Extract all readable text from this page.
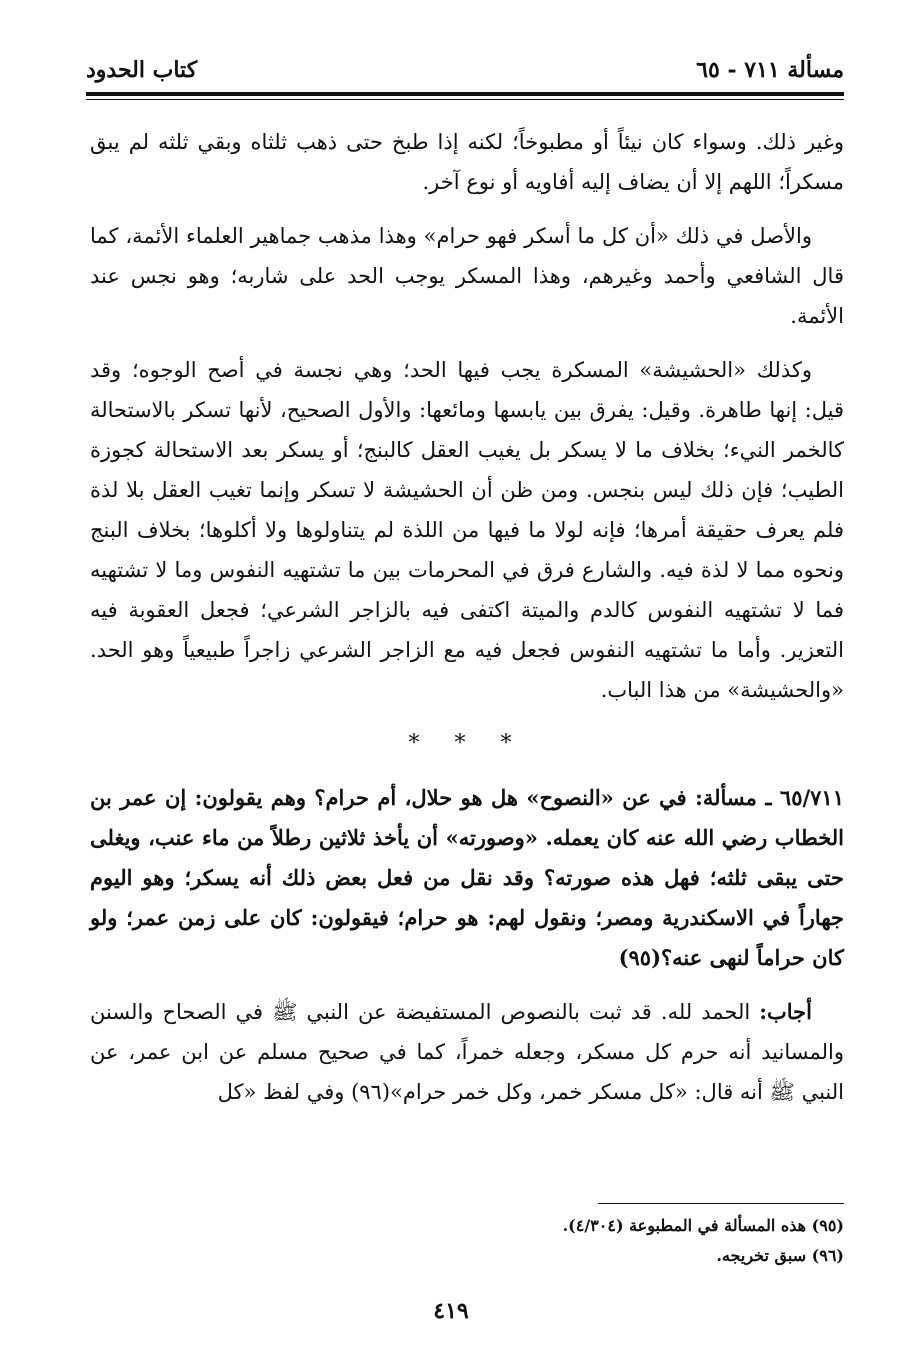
مسألة ٧١١ - ٦٥
كتاب الحدود

وغير ذلك. وسواء كان نيئاً أو مطبوخاً؛ لكنه إذا طبخ حتى ذهب ثلثاه وبقي ثلثه لم يبق مسكراً؛ اللهم إلا أن يضاف إليه أفاويه أو نوع آخر.

والأصل في ذلك «أن كل ما أسكر فهو حرام» وهذا مذهب جماهير العلماء الأئمة، كما قال الشافعي وأحمد وغيرهم، وهذا المسكر يوجب الحد على شاربه؛ وهو نجس عند الأئمة.

وكذلك «الحشيشة» المسكرة يجب فيها الحد؛ وهي نجسة في أصح الوجوه؛ وقد قيل: إنها طاهرة. وقيل: يفرق بين يابسها ومائعها: والأول الصحيح، لأنها تسكر بالاستحالة كالخمر النيء؛ بخلاف ما لا يسكر بل يغيب العقل كالبنج؛ أو يسكر بعد الاستحالة كجوزة الطيب؛ فإن ذلك ليس بنجس. ومن ظن أن الحشيشة لا تسكر وإنما تغيب العقل بلا لذة فلم يعرف حقيقة أمرها؛ فإنه لولا ما فيها من اللذة لم يتناولوها ولا أكلوها؛ بخلاف البنج ونحوه مما لا لذة فيه. والشارع فرق في المحرمات بين ما تشتهيه النفوس وما لا تشتهيه فما لا تشتهيه النفوس كالدم والميتة اكتفى فيه بالزاجر الشرعي؛ فجعل العقوبة فيه التعزير. وأما ما تشتهيه النفوس فجعل فيه مع الزاجر الشرعي زاجراً طبيعياً وهو الحد. «والحشيشة» من هذا الباب.

* * *

٦٥/٧١١ ـ مسألة: في عن «النصوح» هل هو حلال، أم حرام؟ وهم يقولون: إن عمر بن الخطاب رضي الله عنه كان يعمله. «وصورته» أن يأخذ ثلاثين رطلاً من ماء عنب، ويغلى حتى يبقى ثلثه؛ فهل هذه صورته؟ وقد نقل من فعل بعض ذلك أنه يسكر؛ وهو اليوم جهاراً في الاسكندرية ومصر؛ ونقول لهم: هو حرام؛ فيقولون: كان على زمن عمر؛ ولو كان حراماً لنهى عنه؟(٩٥)

أجاب: الحمد لله. قد ثبت بالنصوص المستفيضة عن النبي ﷺ في الصحاح والسنن والمسانيد أنه حرم كل مسكر، وجعله خمراً، كما في صحيح مسلم عن ابن عمر، عن النبي ﷺ أنه قال: «كل مسكر خمر، وكل خمر حرام»(٩٦) وفي لفظ «كل

(٩٥) هذه المسألة في المطبوعة (٤/٣٠٤).
(٩٦) سبق تخريجه.
٤١٩
